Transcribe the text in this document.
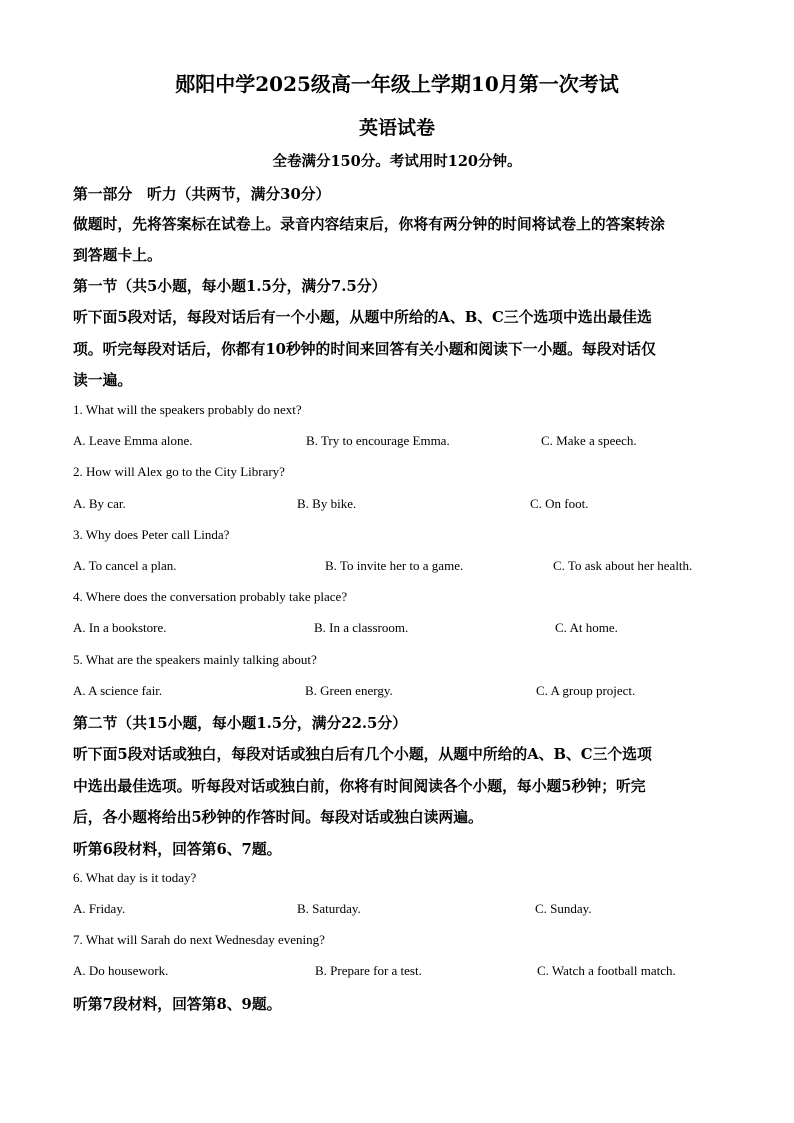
郧阳中学2025级高一年级上学期10月第一次考试
英语试卷
全卷满分150分。考试用时120分钟。
第一部分　听力（共两节，满分30分）
做题时，先将答案标在试卷上。录音内容结束后，你将有两分钟的时间将试卷上的答案转涂
到答题卡上。
第一节（共5小题，每小题1.5分，满分7.5分）
听下面5段对话，每段对话后有一个小题，从题中所给的A、B、C三个选项中选出最佳选
项。听完每段对话后，你都有10秒钟的时间来回答有关小题和阅读下一小题。每段对话仅
读一遍。
1. What will the speakers probably do next?
A. Leave Emma alone.	B. Try to encourage Emma.	C. Make a speech.
2. How will Alex go to the City Library?
A. By car.	B. By bike.	C. On foot.
3. Why does Peter call Linda?
A. To cancel a plan.	B. To invite her to a game.	C. To ask about her health.
4. Where does the conversation probably take place?
A. In a bookstore.	B. In a classroom.	C. At home.
5. What are the speakers mainly talking about?
A. A science fair.	B. Green energy.	C. A group project.
第二节（共15小题，每小题1.5分，满分22.5分）
听下面5段对话或独白，每段对话或独白后有几个小题，从题中所给的A、B、C三个选项
中选出最佳选项。听每段对话或独白前，你将有时间阅读各个小题，每小题5秒钟；听完
后，各小题将给出5秒钟的作答时间。每段对话或独白读两遍。
听第6段材料，回答第6、7题。
6. What day is it today?
A. Friday.	B. Saturday.	C. Sunday.
7. What will Sarah do next Wednesday evening?
A. Do housework.	B. Prepare for a test.	C. Watch a football match.
听第7段材料，回答第8、9题。
